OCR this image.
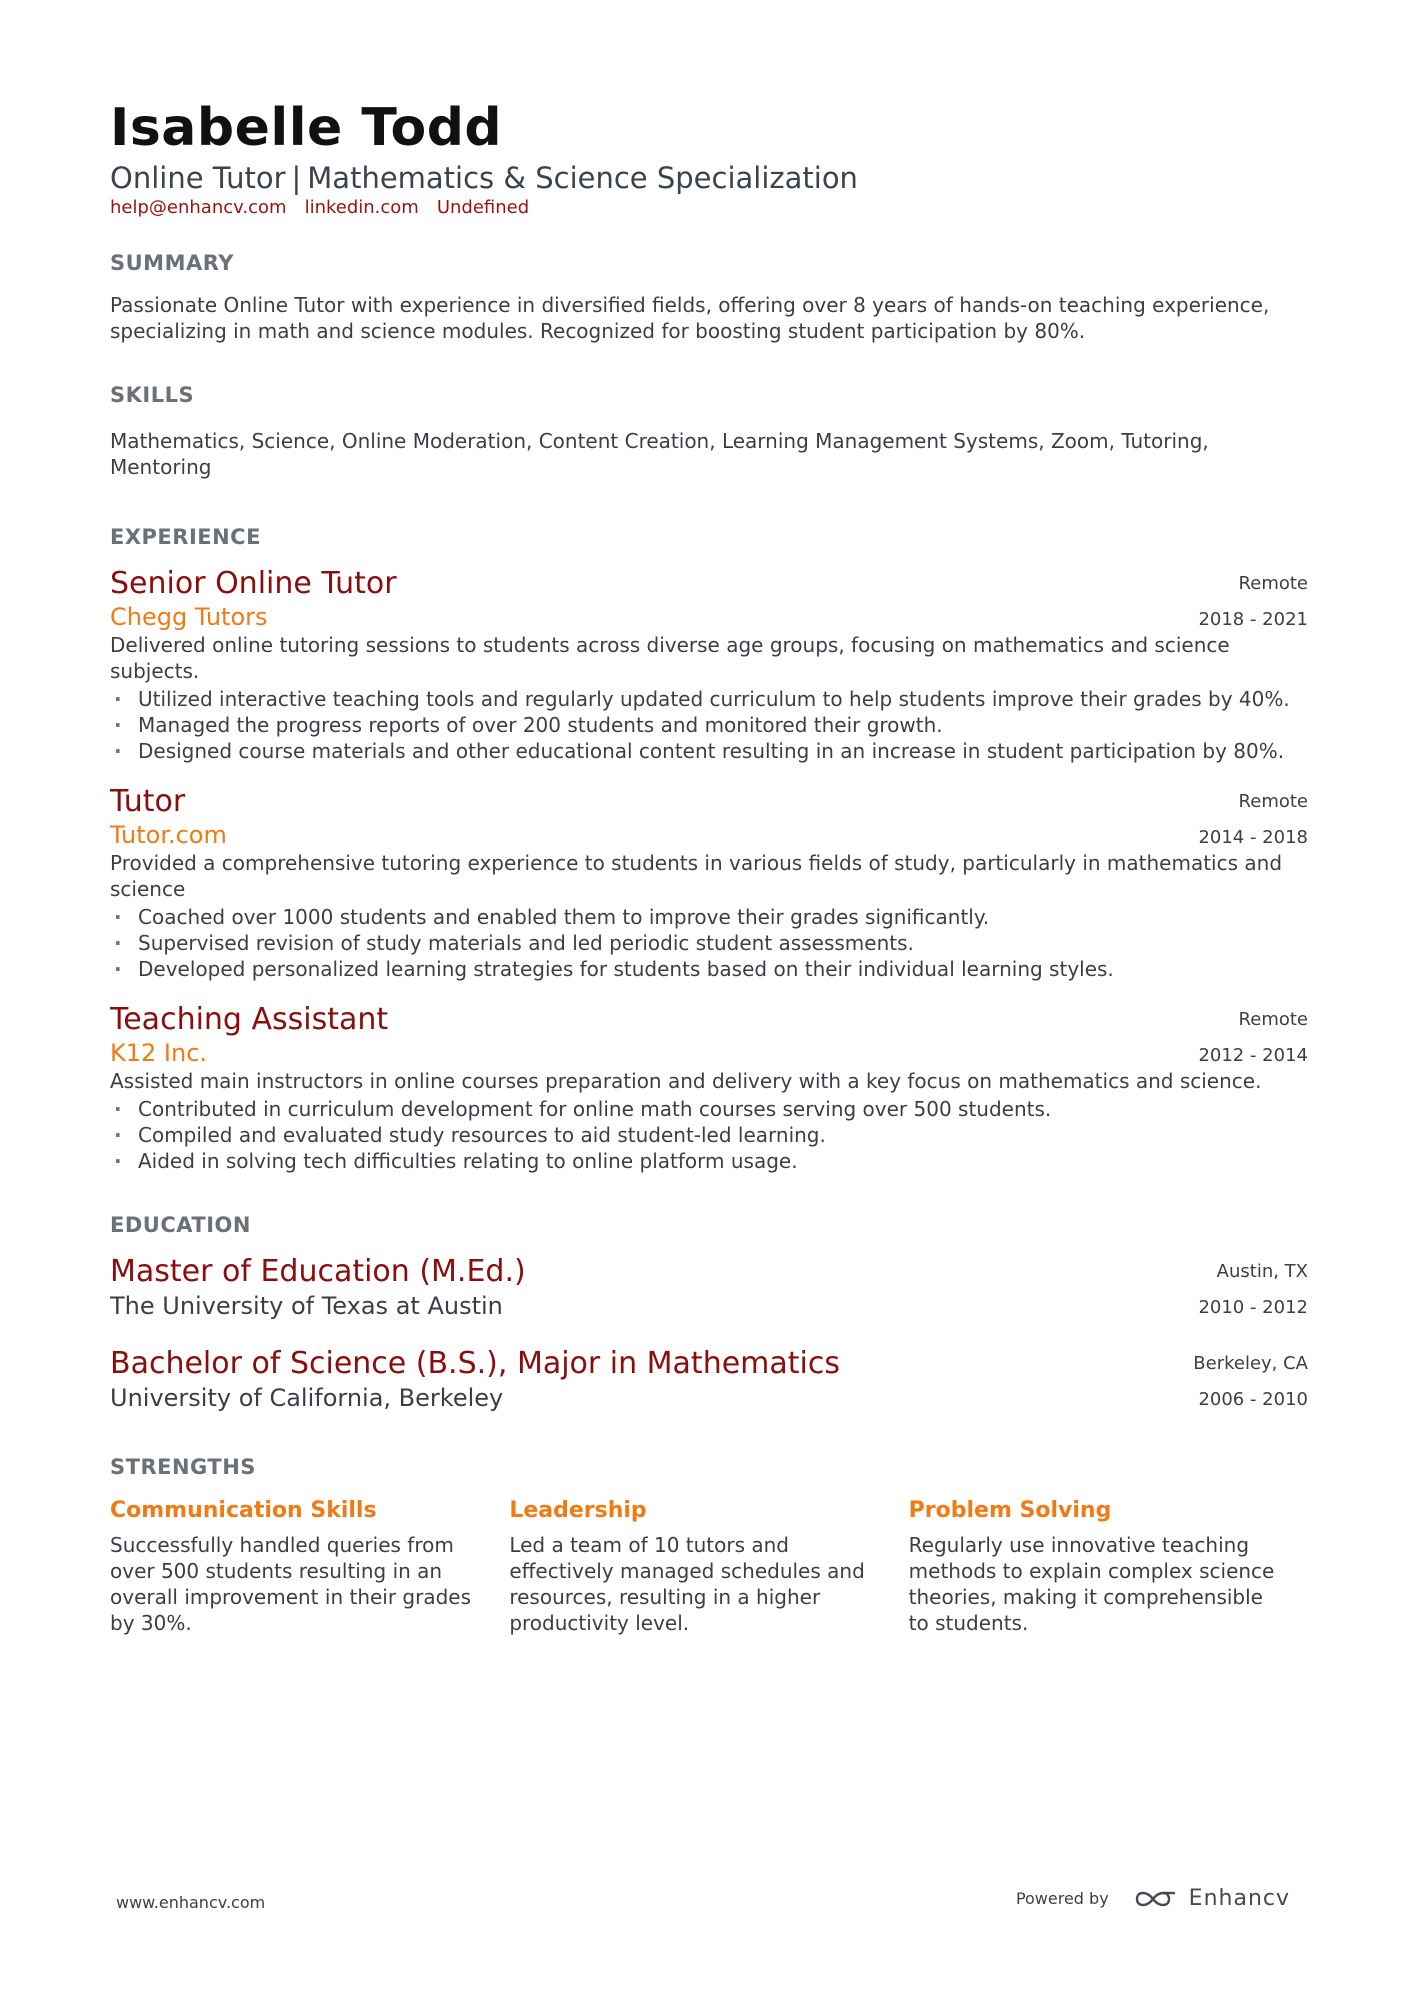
Isabelle Todd
Online Tutor | Mathematics & Science Specialization
help@enhancv.com linkedin.com Undefined
SUMMARY
Passionate Online Tutor with experience in diversified fields, offering over 8 years of hands-on teaching experience, specializing in math and science modules. Recognized for boosting student participation by 80%.
SKILLS
Mathematics, Science, Online Moderation, Content Creation, Learning Management Systems, Zoom, Tutoring, Mentoring
EXPERIENCE
Senior Online Tutor
Chegg Tutors
Remote
2018 - 2021
Delivered online tutoring sessions to students across diverse age groups, focusing on mathematics and science subjects.
· Utilized interactive teaching tools and regularly updated curriculum to help students improve their grades by 40%.
· Managed the progress reports of over 200 students and monitored their growth.
· Designed course materials and other educational content resulting in an increase in student participation by 80%.
Tutor
Tutor.com
Remote
2014 - 2018
Provided a comprehensive tutoring experience to students in various fields of study, particularly in mathematics and science
· Coached over 1000 students and enabled them to improve their grades significantly.
· Supervised revision of study materials and led periodic student assessments.
· Developed personalized learning strategies for students based on their individual learning styles.
Teaching Assistant
K12 Inc.
Remote
2012 - 2014
Assisted main instructors in online courses preparation and delivery with a key focus on mathematics and science.
· Contributed in curriculum development for online math courses serving over 500 students.
· Compiled and evaluated study resources to aid student-led learning.
· Aided in solving tech difficulties relating to online platform usage.
EDUCATION
Master of Education (M.Ed.)
The University of Texas at Austin
Austin, TX
2010 - 2012
Bachelor of Science (B.S.), Major in Mathematics
University of California, Berkeley
Berkeley, CA
2006 - 2010
STRENGTHS
Communication Skills
Successfully handled queries from over 500 students resulting in an overall improvement in their grades by 30%.
Leadership
Led a team of 10 tutors and effectively managed schedules and resources, resulting in a higher productivity level.
Problem Solving
Regularly use innovative teaching methods to explain complex science theories, making it comprehensible to students.
www.enhancv.com	Powered by	Enhancv
